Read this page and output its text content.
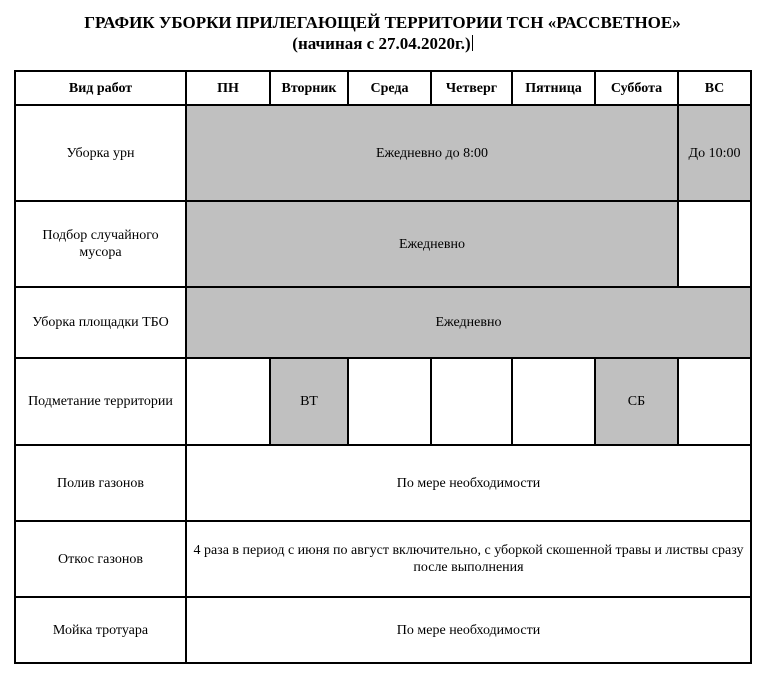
ГРАФИК УБОРКИ ПРИЛЕГАЮЩЕЙ ТЕРРИТОРИИ ТСН «РАССВЕТНОЕ»
(начиная с 27.04.2020г.)
Вид работ	ПН	Вторник	Среда	Четверг	Пятница	Суббота	ВС
Уборка урн	Ежедневно до 8:00						До 10:00
Подбор случайного мусора	Ежедневно						
Уборка площадки ТБО	Ежедневно						
Подметание территории		ВТ				СБ	
Полив газонов	По мере необходимости						
Откос газонов	4 раза в период с июня по август включительно, с уборкой скошенной травы и листвы сразу после выполнения						
Мойка тротуара	По мере необходимости						
